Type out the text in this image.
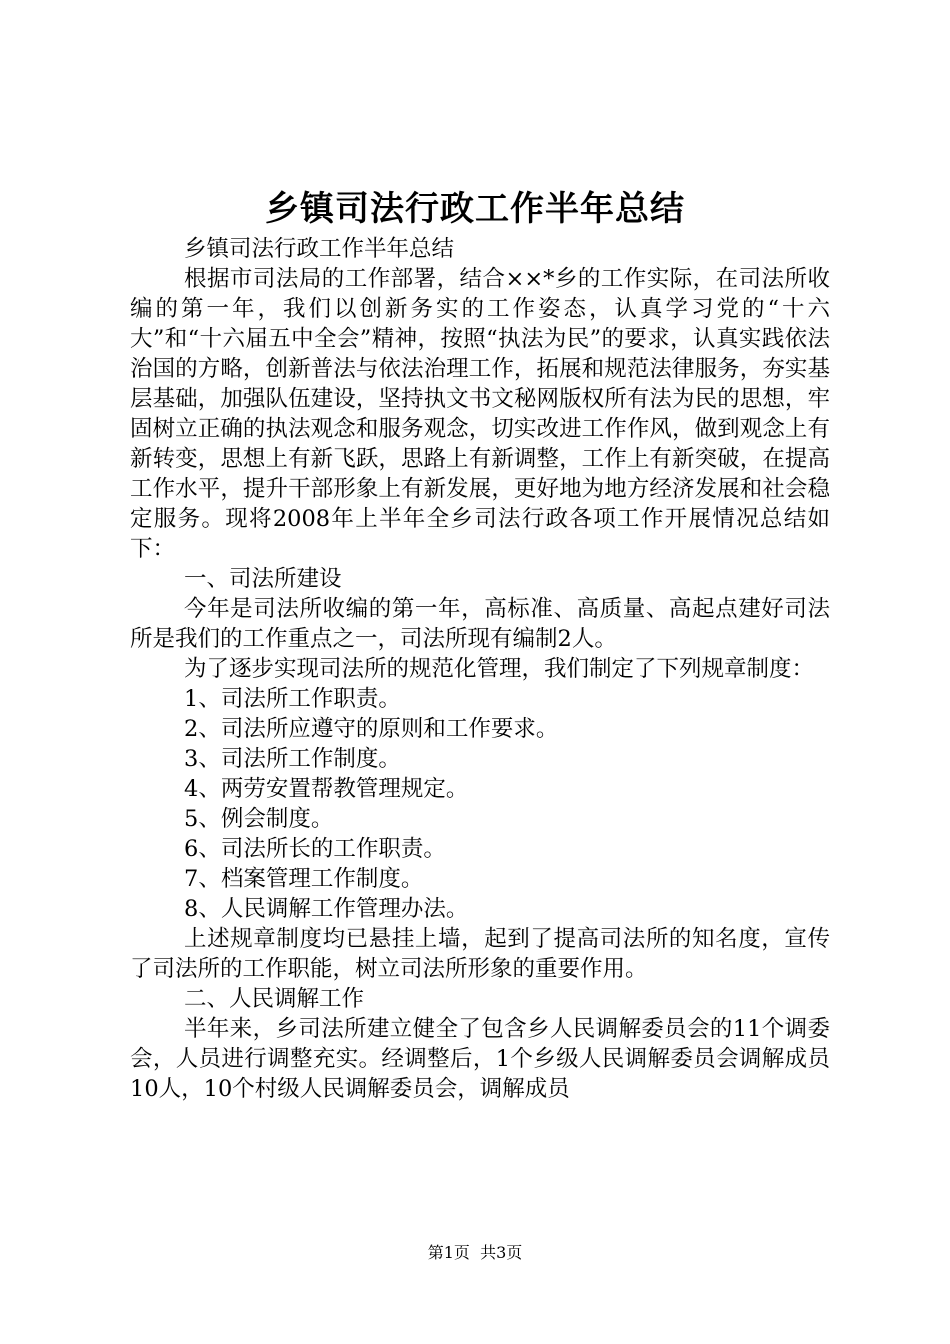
乡镇司法行政工作半年总结

乡镇司法行政工作半年总结

根据市司法局的工作部署，结合××*乡的工作实际，在司法所收编的第一年，我们以创新务实的工作姿态，认真学习党的“十六大”和“十六届五中全会”精神，按照“执法为民”的要求，认真实践依法治国的方略，创新普法与依法治理工作，拓展和规范法律服务，夯实基层基础，加强队伍建设，坚持执文书文秘网版权所有法为民的思想，牢固树立正确的执法观念和服务观念，切实改进工作作风，做到观念上有新转变，思想上有新飞跃，思路上有新调整，工作上有新突破，在提高工作水平，提升干部形象上有新发展，更好地为地方经济发展和社会稳定服务。现将2008年上半年全乡司法行政各项工作开展情况总结如下：

一、司法所建设

今年是司法所收编的第一年，高标准、高质量、高起点建好司法所是我们的工作重点之一，司法所现有编制2人。

为了逐步实现司法所的规范化管理，我们制定了下列规章制度：

1、司法所工作职责。

2、司法所应遵守的原则和工作要求。

3、司法所工作制度。

4、两劳安置帮教管理规定。

5、例会制度。

6、司法所长的工作职责。

7、档案管理工作制度。

8、人民调解工作管理办法。

上述规章制度均已悬挂上墙，起到了提高司法所的知名度，宣传了司法所的工作职能，树立司法所形象的重要作用。

二、人民调解工作

半年来，乡司法所建立健全了包含乡人民调解委员会的11个调委会，人员进行调整充实。经调整后，1个乡级人民调解委员会调解成员10人，10个村级人民调解委员会，调解成员

第1页 共3页
